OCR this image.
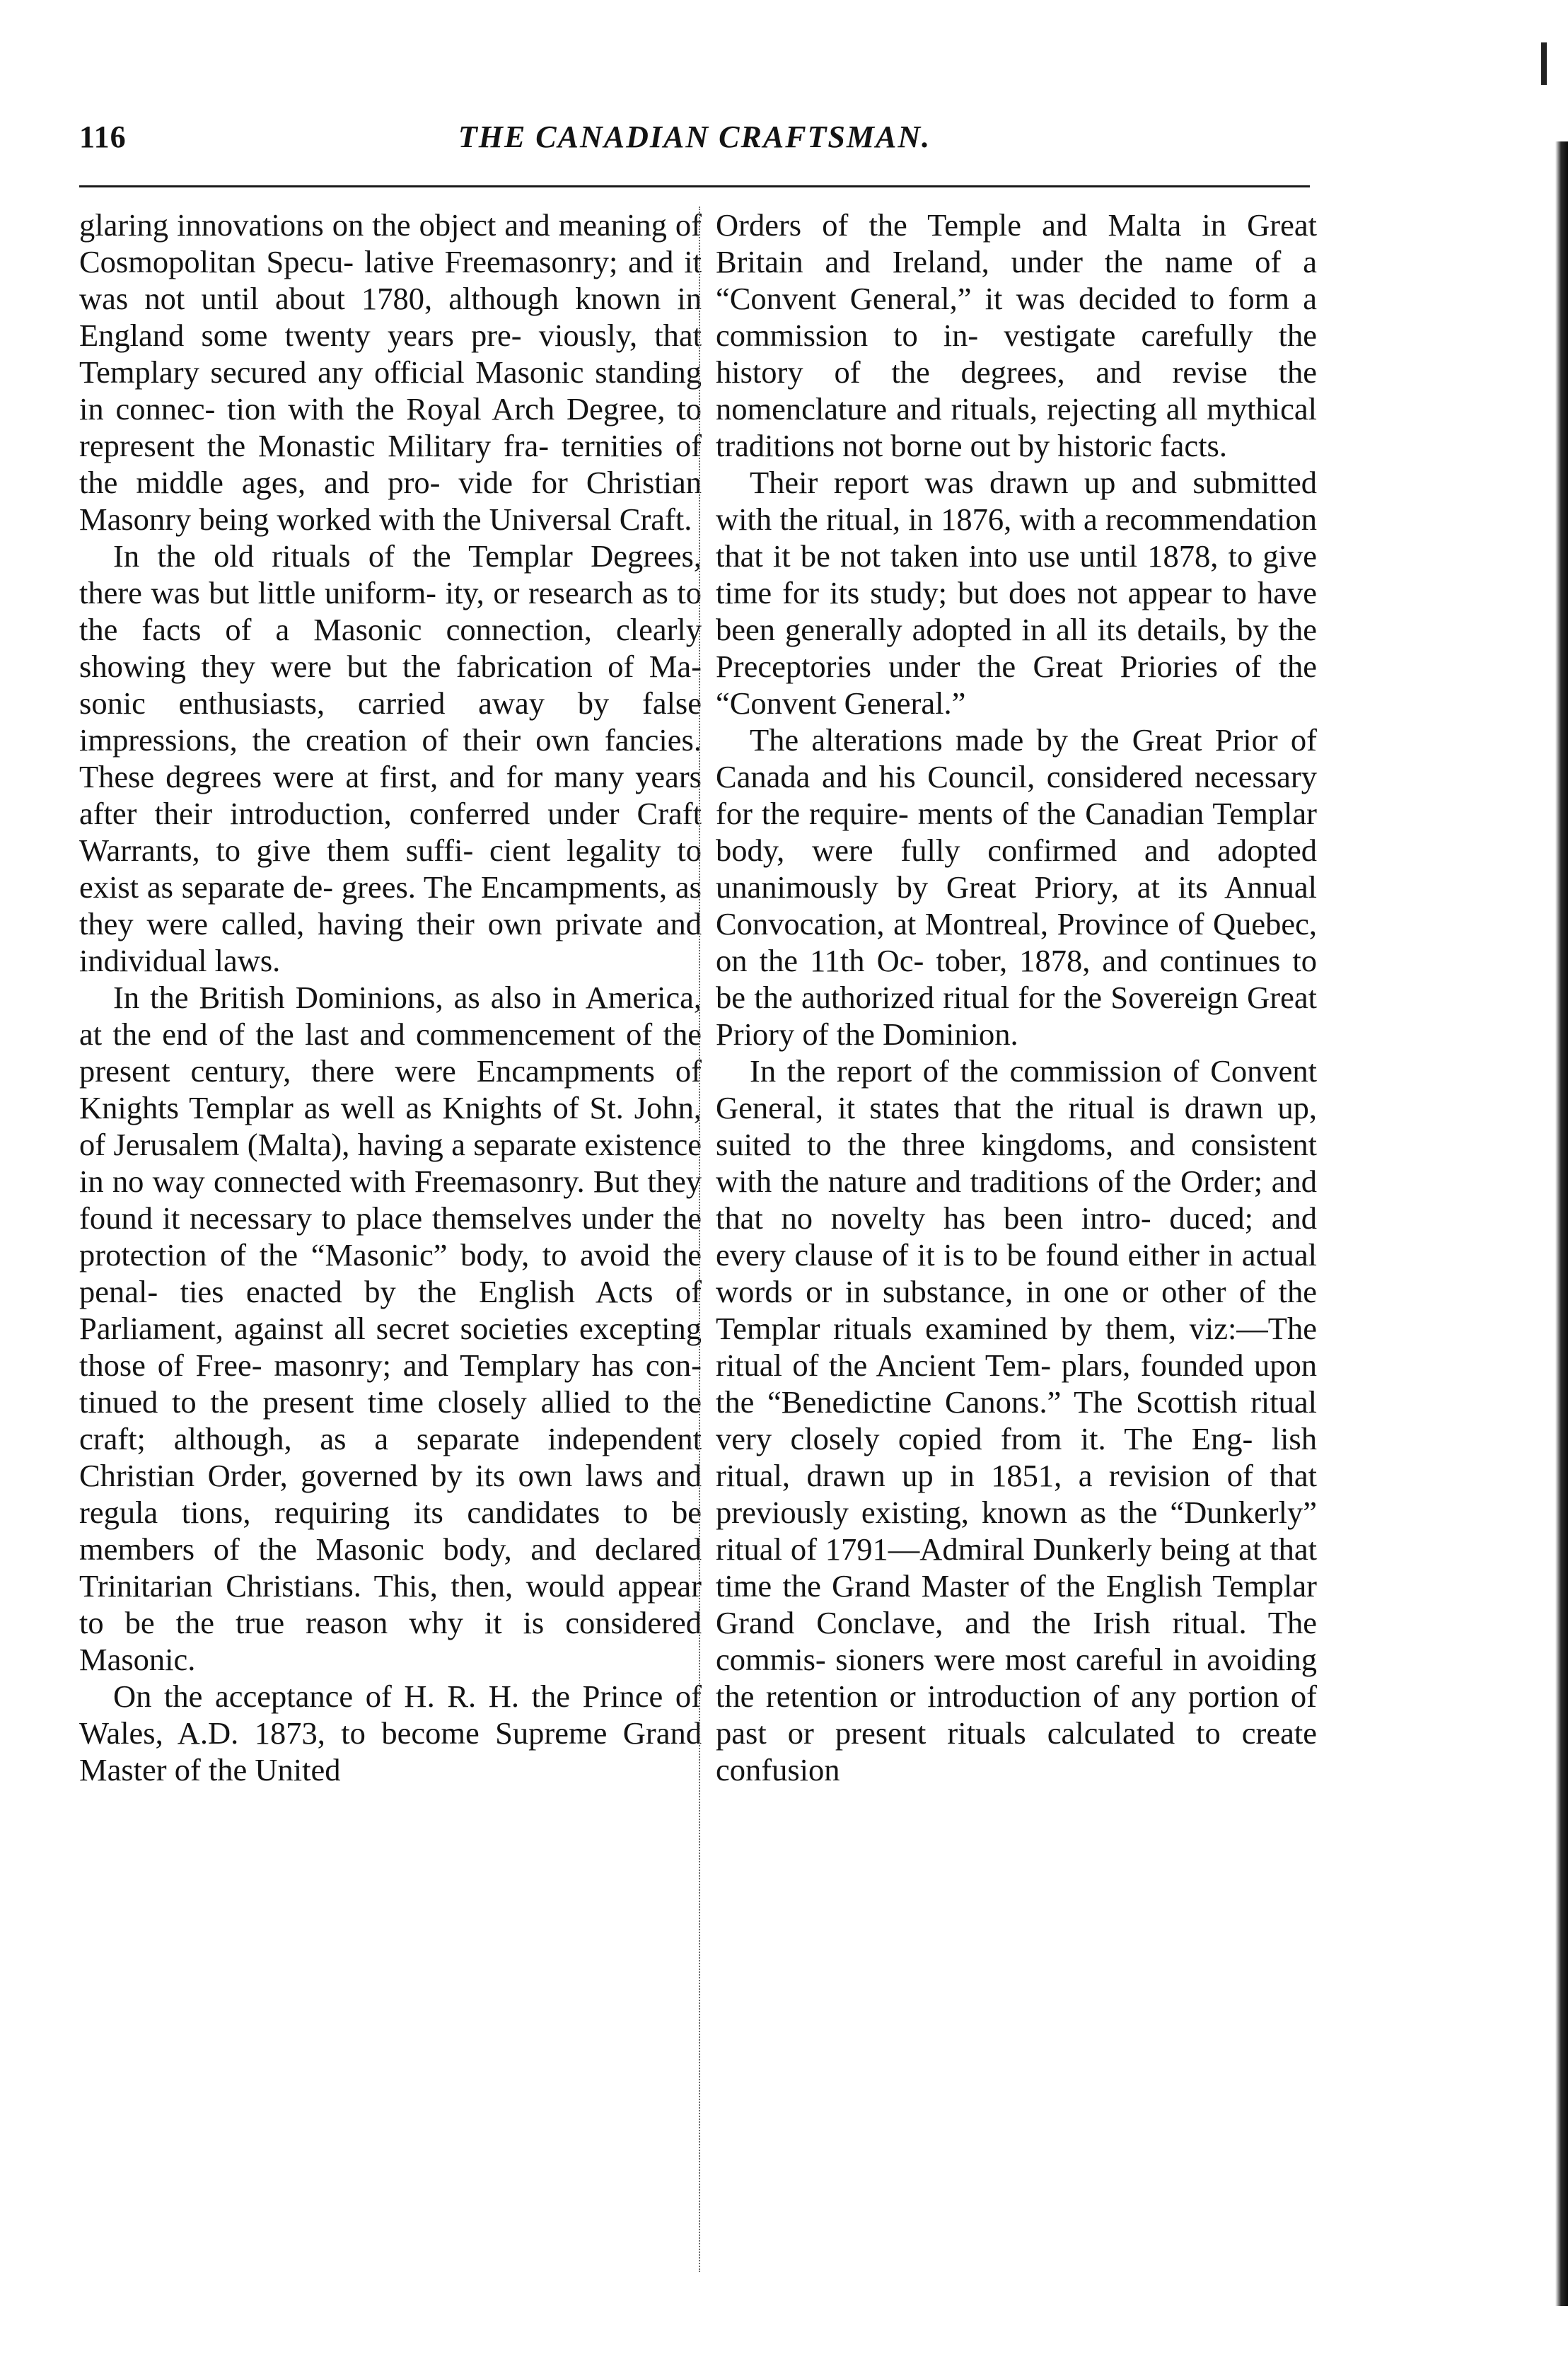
116	THE CANADIAN CRAFTSMAN.

glaring innovations on the object and meaning of Cosmopolitan Specu- lative Freemasonry; and it was not until about 1780, although known in England some twenty years pre- viously, that Templary secured any official Masonic standing in connec- tion with the Royal Arch Degree, to represent the Monastic Military fra- ternities of the middle ages, and pro- vide for Christian Masonry being worked with the Universal Craft.

In the old rituals of the Templar Degrees, there was but little uniform- ity, or research as to the facts of a Masonic connection, clearly showing they were but the fabrication of Ma- sonic enthusiasts, carried away by false impressions, the creation of their own fancies. These degrees were at first, and for many years after their introduction, conferred under Craft Warrants, to give them suffi- cient legality to exist as separate de- grees. The Encampments, as they were called, having their own private and individual laws.

In the British Dominions, as also in America, at the end of the last and commencement of the present century, there were Encampments of Knights Templar as well as Knights of St. John, of Jerusalem (Malta), having a separate existence in no way connected with Freemasonry. But they found it necessary to place themselves under the protection of the “Masonic” body, to avoid the penal- ties enacted by the English Acts of Parliament, against all secret societies excepting those of Free- masonry; and Templary has con- tinued to the present time closely allied to the craft; although, as a separate independent Christian Order, governed by its own laws and regula tions, requiring its candidates to be members of the Masonic body, and declared Trinitarian Christians. This, then, would appear to be the true reason why it is considered Masonic.

On the acceptance of H. R. H. the Prince of Wales, A.D. 1873, to become Supreme Grand Master of the United

Orders of the Temple and Malta in Great Britain and Ireland, under the name of a “Convent General,” it was decided to form a commission to in- vestigate carefully the history of the degrees, and revise the nomenclature and rituals, rejecting all mythical traditions not borne out by historic facts.

Their report was drawn up and submitted with the ritual, in 1876, with a recommendation that it be not taken into use until 1878, to give time for its study; but does not appear to have been generally adopted in all its details, by the Preceptories under the Great Priories of the “Convent General.”

The alterations made by the Great Prior of Canada and his Council, considered necessary for the require- ments of the Canadian Templar body, were fully confirmed and adopted unanimously by Great Priory, at its Annual Convocation, at Montreal, Province of Quebec, on the 11th Oc- tober, 1878, and continues to be the authorized ritual for the Sovereign Great Priory of the Dominion.

In the report of the commission of Convent General, it states that the ritual is drawn up, suited to the three kingdoms, and consistent with the nature and traditions of the Order; and that no novelty has been intro- duced; and every clause of it is to be found either in actual words or in substance, in one or other of the Templar rituals examined by them, viz:—The ritual of the Ancient Tem- plars, founded upon the “Benedictine Canons.” The Scottish ritual very closely copied from it. The Eng- lish ritual, drawn up in 1851, a revision of that previously existing, known as the “Dunkerly” ritual of 1791—Admiral Dunkerly being at that time the Grand Master of the English Templar Grand Conclave, and the Irish ritual. The commis- sioners were most careful in avoiding the retention or introduction of any portion of past or present rituals calculated to create confusion
